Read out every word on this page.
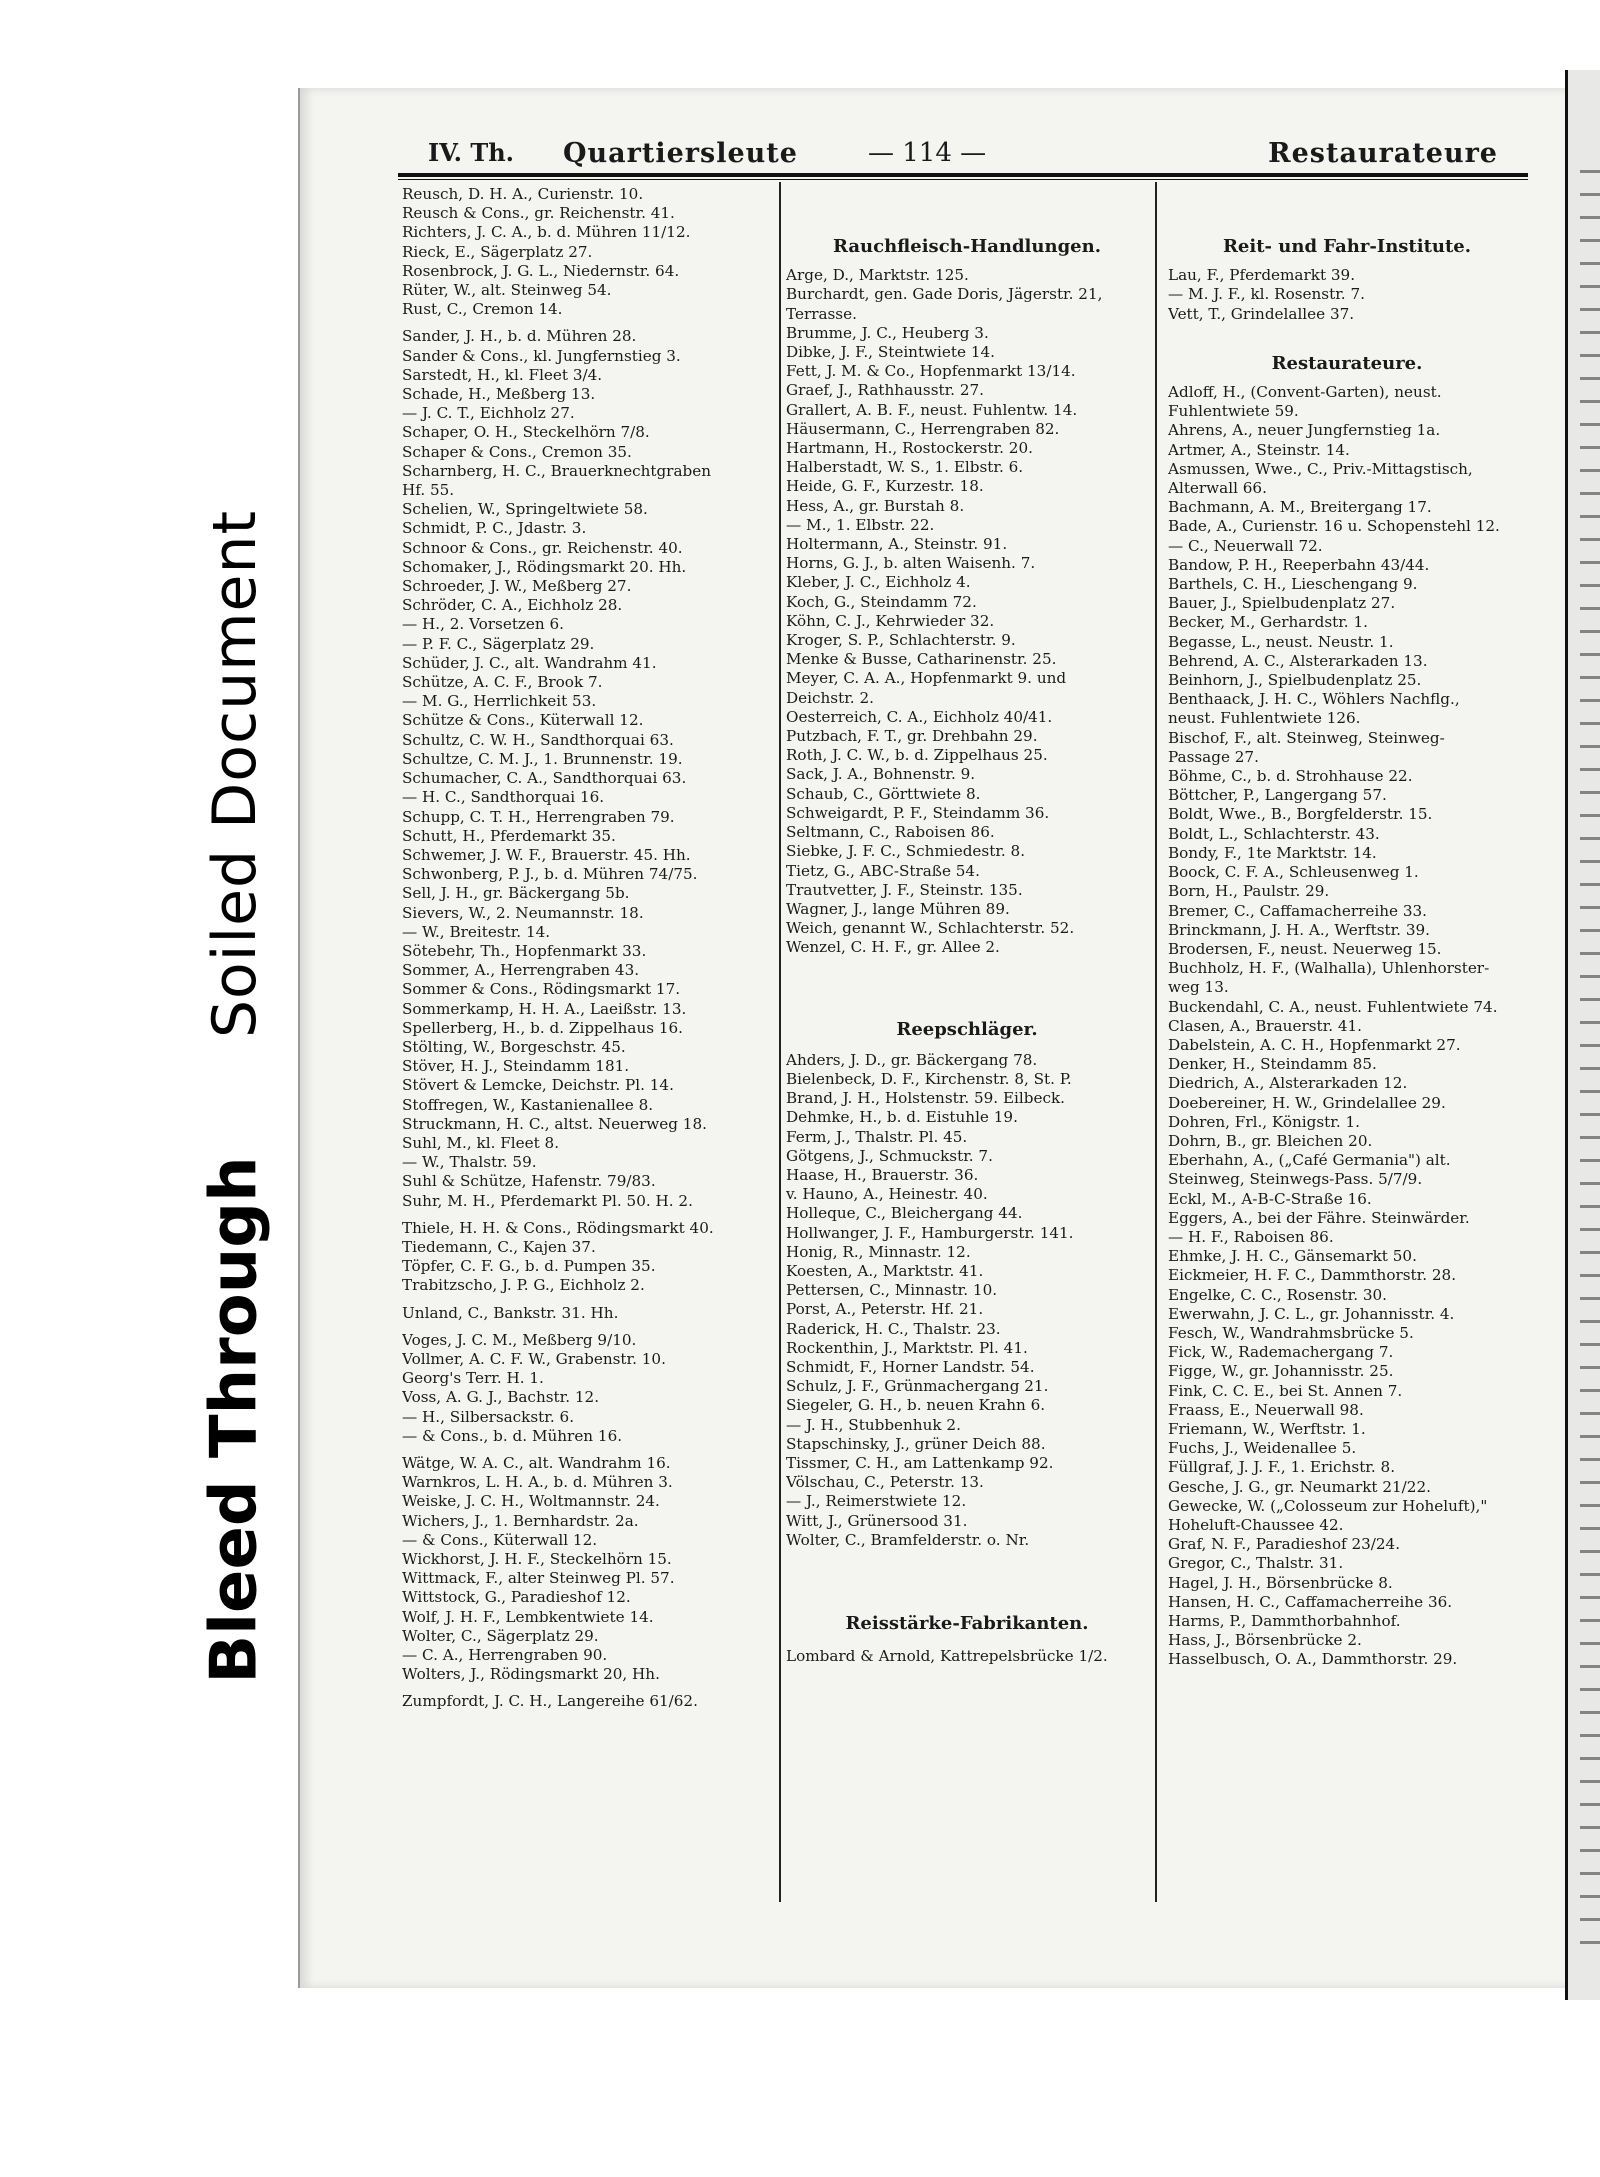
Soiled Document
Bleed Through
IV. Th. Quartiersleute	— 114 —	Restaurateure
Reusch, D. H. A., Curienstr. 10.
Reusch & Cons., gr. Reichenstr. 41.
Richters, J. C. A., b. d. Mühren 11/12.
Rieck, E., Sägerplatz 27.
Rosenbrock, J. G. L., Niedernstr. 64.
Rüter, W., alt. Steinweg 54.
Rust, C., Cremon 14.
Sander, J. H., b. d. Mühren 28.
Sander & Cons., kl. Jungfernstieg 3.
Sarstedt, H., kl. Fleet 3/4.
Schade, H., Meßberg 13.
— J. C. T., Eichholz 27.
Schaper, O. H., Steckelhörn 7/8.
Schaper & Cons., Cremon 35.
Scharnberg, H. C., Brauerknechtgraben
Hf. 55.
Schelien, W., Springeltwiete 58.
Schmidt, P. C., Jdastr. 3.
Schnoor & Cons., gr. Reichenstr. 40.
Schomaker, J., Rödingsmarkt 20. Hh.
Schroeder, J. W., Meßberg 27.
Schröder, C. A., Eichholz 28.
— H., 2. Vorsetzen 6.
— P. F. C., Sägerplatz 29.
Schüder, J. C., alt. Wandrahm 41.
Schütze, A. C. F., Brook 7.
— M. G., Herrlichkeit 53.
Schütze & Cons., Küterwall 12.
Schultz, C. W. H., Sandthorquai 63.
Schultze, C. M. J., 1. Brunnenstr. 19.
Schumacher, C. A., Sandthorquai 63.
— H. C., Sandthorquai 16.
Schupp, C. T. H., Herrengraben 79.
Schutt, H., Pferdemarkt 35.
Schwemer, J. W. F., Brauerstr. 45. Hh.
Schwonberg, P. J., b. d. Mühren 74/75.
Sell, J. H., gr. Bäckergang 5b.
Sievers, W., 2. Neumannstr. 18.
— W., Breitestr. 14.
Sötebehr, Th., Hopfenmarkt 33.
Sommer, A., Herrengraben 43.
Sommer & Cons., Rödingsmarkt 17.
Sommerkamp, H. H. A., Laeißstr. 13.
Spellerberg, H., b. d. Zippelhaus 16.
Stölting, W., Borgeschstr. 45.
Stöver, H. J., Steindamm 181.
Stövert & Lemcke, Deichstr. Pl. 14.
Stoffregen, W., Kastanienallee 8.
Struckmann, H. C., altst. Neuerweg 18.
Suhl, M., kl. Fleet 8.
— W., Thalstr. 59.
Suhl & Schütze, Hafenstr. 79/83.
Suhr, M. H., Pferdemarkt Pl. 50. H. 2.
Thiele, H. H. & Cons., Rödingsmarkt 40.
Tiedemann, C., Kajen 37.
Töpfer, C. F. G., b. d. Pumpen 35.
Trabitzscho, J. P. G., Eichholz 2.
Unland, C., Bankstr. 31. Hh.
Voges, J. C. M., Meßberg 9/10.
Vollmer, A. C. F. W., Grabenstr. 10.
Georg's Terr. H. 1.
Voss, A. G. J., Bachstr. 12.
— H., Silbersackstr. 6.
— & Cons., b. d. Mühren 16.
Wätge, W. A. C., alt. Wandrahm 16.
Warnkros, L. H. A., b. d. Mühren 3.
Weiske, J. C. H., Woltmannstr. 24.
Wichers, J., 1. Bernhardstr. 2a.
— & Cons., Küterwall 12.
Wickhorst, J. H. F., Steckelhörn 15.
Wittmack, F., alter Steinweg Pl. 57.
Wittstock, G., Paradieshof 12.
Wolf, J. H. F., Lembkentwiete 14.
Wolter, C., Sägerplatz 29.
— C. A., Herrengraben 90.
Wolters, J., Rödingsmarkt 20, Hh.
Zumpfordt, J. C. H., Langereihe 61/62.
Rauchfleisch-Handlungen.
Arge, D., Marktstr. 125.
Burchardt, gen. Gade Doris, Jägerstr. 21,
Terrasse.
Brumme, J. C., Heuberg 3.
Dibke, J. F., Steintwiete 14.
Fett, J. M. & Co., Hopfenmarkt 13/14.
Graef, J., Rathhausstr. 27.
Grallert, A. B. F., neust. Fuhlentw. 14.
Häusermann, C., Herrengraben 82.
Hartmann, H., Rostockerstr. 20.
Halberstadt, W. S., 1. Elbstr. 6.
Heide, G. F., Kurzestr. 18.
Hess, A., gr. Burstah 8.
— M., 1. Elbstr. 22.
Holtermann, A., Steinstr. 91.
Horns, G. J., b. alten Waisenh. 7.
Kleber, J. C., Eichholz 4.
Koch, G., Steindamm 72.
Köhn, C. J., Kehrwieder 32.
Kroger, S. P., Schlachterstr. 9.
Menke & Busse, Catharinenstr. 25.
Meyer, C. A. A., Hopfenmarkt 9. und
Deichstr. 2.
Oesterreich, C. A., Eichholz 40/41.
Putzbach, F. T., gr. Drehbahn 29.
Roth, J. C. W., b. d. Zippelhaus 25.
Sack, J. A., Bohnenstr. 9.
Schaub, C., Görttwiete 8.
Schweigardt, P. F., Steindamm 36.
Seltmann, C., Raboisen 86.
Siebke, J. F. C., Schmiedestr. 8.
Tietz, G., ABC-Straße 54.
Trautvetter, J. F., Steinstr. 135.
Wagner, J., lange Mühren 89.
Weich, genannt W., Schlachterstr. 52.
Wenzel, C. H. F., gr. Allee 2.
Reepschläger.
Ahders, J. D., gr. Bäckergang 78.
Bielenbeck, D. F., Kirchenstr. 8, St. P.
Brand, J. H., Holstenstr. 59. Eilbeck.
Dehmke, H., b. d. Eistuhle 19.
Ferm, J., Thalstr. Pl. 45.
Götgens, J., Schmuckstr. 7.
Haase, H., Brauerstr. 36.
v. Hauno, A., Heinestr. 40.
Holleque, C., Bleichergang 44.
Hollwanger, J. F., Hamburgerstr. 141.
Honig, R., Minnastr. 12.
Koesten, A., Marktstr. 41.
Pettersen, C., Minnastr. 10.
Porst, A., Peterstr. Hf. 21.
Raderick, H. C., Thalstr. 23.
Rockenthin, J., Marktstr. Pl. 41.
Schmidt, F., Horner Landstr. 54.
Schulz, J. F., Grünmachergang 21.
Siegeler, G. H., b. neuen Krahn 6.
— J. H., Stubbenhuk 2.
Stapschinsky, J., grüner Deich 88.
Tissmer, C. H., am Lattenkamp 92.
Völschau, C., Peterstr. 13.
— J., Reimerstwiete 12.
Witt, J., Grünersood 31.
Wolter, C., Bramfelderstr. o. Nr.
Reisstärke-Fabrikanten.
Lombard & Arnold, Kattrepelsbrücke 1/2.
Reit- und Fahr-Institute.
Lau, F., Pferdemarkt 39.
— M. J. F., kl. Rosenstr. 7.
Vett, T., Grindelallee 37.
Restaurateure.
Adloff, H., (Convent-Garten), neust.
Fuhlentwiete 59.
Ahrens, A., neuer Jungfernstieg 1a.
Artmer, A., Steinstr. 14.
Asmussen, Wwe., C., Priv.-Mittagstisch,
Alterwall 66.
Bachmann, A. M., Breitergang 17.
Bade, A., Curienstr. 16 u. Schopenstehl 12.
— C., Neuerwall 72.
Bandow, P. H., Reeperbahn 43/44.
Barthels, C. H., Lieschengang 9.
Bauer, J., Spielbudenplatz 27.
Becker, M., Gerhardstr. 1.
Begasse, L., neust. Neustr. 1.
Behrend, A. C., Alsterarkaden 13.
Beinhorn, J., Spielbudenplatz 25.
Benthaack, J. H. C., Wöhlers Nachflg.,
neust. Fuhlentwiete 126.
Bischof, F., alt. Steinweg, Steinweg-
Passage 27.
Böhme, C., b. d. Strohhause 22.
Böttcher, P., Langergang 57.
Boldt, Wwe., B., Borgfelderstr. 15.
Boldt, L., Schlachterstr. 43.
Bondy, F., 1te Marktstr. 14.
Boock, C. F. A., Schleusenweg 1.
Born, H., Paulstr. 29.
Bremer, C., Caffamacherreihe 33.
Brinckmann, J. H. A., Werftstr. 39.
Brodersen, F., neust. Neuerweg 15.
Buchholz, H. F., (Walhalla), Uhlenhorster-
weg 13.
Buckendahl, C. A., neust. Fuhlentwiete 74.
Clasen, A., Brauerstr. 41.
Dabelstein, A. C. H., Hopfenmarkt 27.
Denker, H., Steindamm 85.
Diedrich, A., Alsterarkaden 12.
Doebereiner, H. W., Grindelallee 29.
Dohren, Frl., Königstr. 1.
Dohrn, B., gr. Bleichen 20.
Eberhahn, A., („Café Germania") alt.
Steinweg, Steinwegs-Pass. 5/7/9.
Eckl, M., A-B-C-Straße 16.
Eggers, A., bei der Fähre. Steinwärder.
— H. F., Raboisen 86.
Ehmke, J. H. C., Gänsemarkt 50.
Eickmeier, H. F. C., Dammthorstr. 28.
Engelke, C. C., Rosenstr. 30.
Ewerwahn, J. C. L., gr. Johannisstr. 4.
Fesch, W., Wandrahmsbrücke 5.
Fick, W., Rademachergang 7.
Figge, W., gr. Johannisstr. 25.
Fink, C. C. E., bei St. Annen 7.
Fraass, E., Neuerwall 98.
Friemann, W., Werftstr. 1.
Fuchs, J., Weidenallee 5.
Füllgraf, J. J. F., 1. Erichstr. 8.
Gesche, J. G., gr. Neumarkt 21/22.
Gewecke, W. („Colosseum zur Hoheluft),"
Hoheluft-Chaussee 42.
Graf, N. F., Paradieshof 23/24.
Gregor, C., Thalstr. 31.
Hagel, J. H., Börsenbrücke 8.
Hansen, H. C., Caffamacherreihe 36.
Harms, P., Dammthorbahnhof.
Hass, J., Börsenbrücke 2.
Hasselbusch, O. A., Dammthorstr. 29.
